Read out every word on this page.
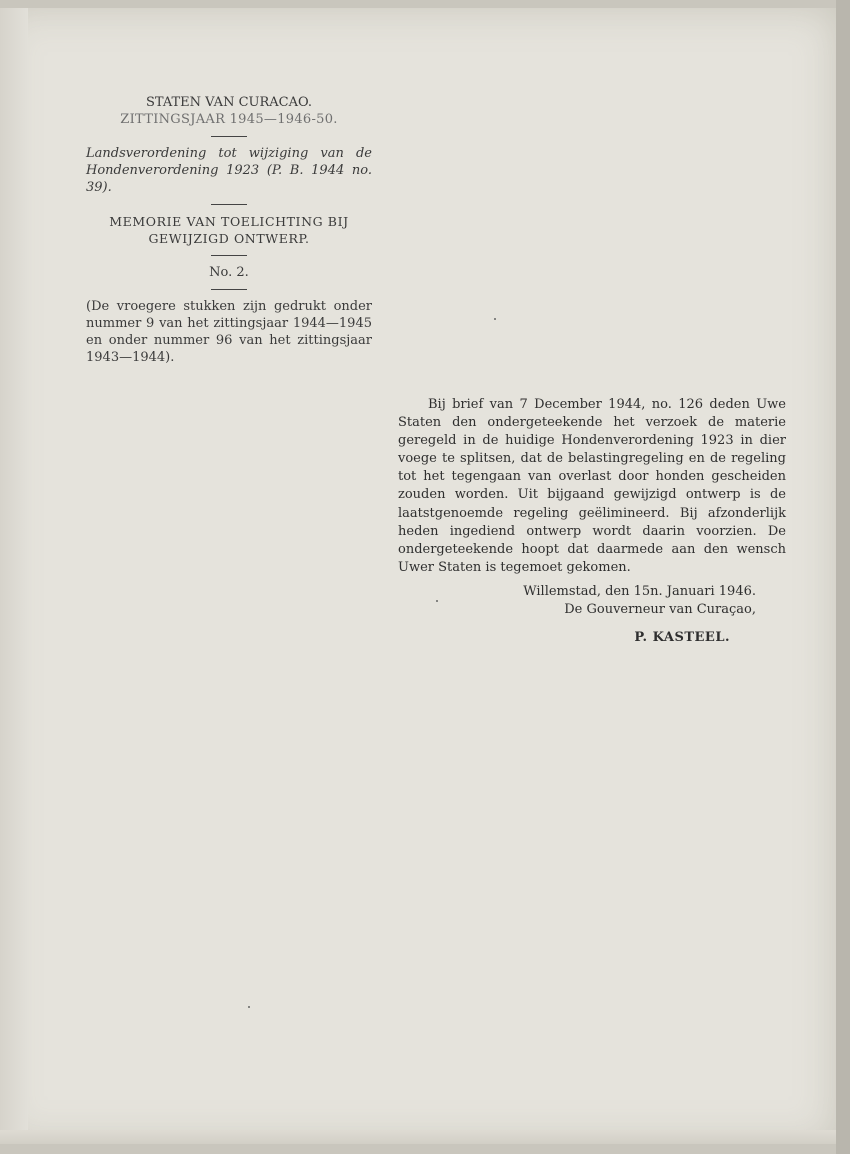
STATEN VAN CURACAO.
ZITTINGSJAAR 1945—1946-50.
Landsverordening tot wijziging van de Hondenverordening 1923 (P. B. 1944 no. 39).
MEMORIE VAN TOELICHTING BIJ GEWIJZIGD ONTWERP.
No. 2.
(De vroegere stukken zijn gedrukt onder nummer 9 van het zittingsjaar 1944—1945 en onder nummer 96 van het zittingsjaar 1943—1944).

Bij brief van 7 December 1944, no. 126 deden Uwe Staten den ondergeteekende het verzoek de materie geregeld in de huidige Hondenverordening 1923 in dier voege te splitsen, dat de belastingregeling en de regeling tot het tegengaan van overlast door honden gescheiden zouden worden. Uit bijgaand gewijzigd ontwerp is de laatstgenoemde regeling geëlimineerd. Bij afzonderlijk heden ingediend ontwerp wordt daarin voorzien. De ondergeteekende hoopt dat daarmede aan den wensch Uwer Staten is tegemoet gekomen.

Willemstad, den 15n. Januari 1946.
De Gouverneur van Curaçao,
P. KASTEEL.
